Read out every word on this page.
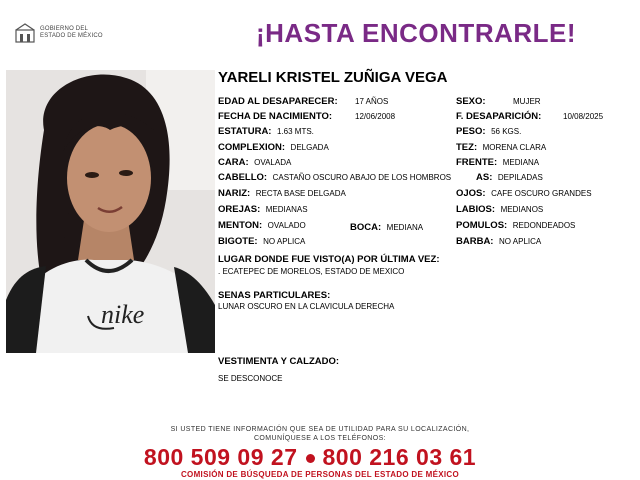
GOBIERNO DEL
ESTADO DE MÉXICO	¡HASTA ENCONTRARLE!
nike
YARELI KRISTEL ZUÑIGA VEGA
EDAD AL DESAPARECER: 17 AÑOS	SEXO:	MUJER
FECHA DE NACIMIENTO:	12/06/2008	F. DESAPARICIÓN:	10/08/2025
ESTATURA: 1.63 MTS.	PESO: 56 KGS.
COMPLEXION: DELGADA	TEZ: MORENA CLARA
CARA: OVALADA	FRENTE: MEDIANA
CABELLO: CASTAÑO OSCURO ABAJO DE LOS HOMBROS	AS: DEPILADAS
NARIZ: RECTA BASE DELGADA	OJOS: CAFE OSCURO GRANDES
OREJAS: MEDIANAS	LABIOS: MEDIANOS
MENTON: OVALADO	BOCA: MEDIANA	POMULOS: REDONDEADOS
BIGOTE: NO APLICA	BARBA: NO APLICA
LUGAR DONDE FUE VISTO(A) POR ÚLTIMA VEZ:
. ECATEPEC DE MORELOS, ESTADO DE MEXICO
SENAS PARTICULARES:
LUNAR OSCURO EN LA CLAVICULA DERECHA
VESTIMENTA Y CALZADO:
SE DESCONOCE
SI USTED TIENE INFORMACIÓN QUE SEA DE UTILIDAD PARA SU LOCALIZACIÓN,
COMUNÍQUESE A LOS TELÉFONOS:
800 509 09 27 800 216 03 61
COMISIÓN DE BÚSQUEDA DE PERSONAS DEL ESTADO DE MÉXICO
